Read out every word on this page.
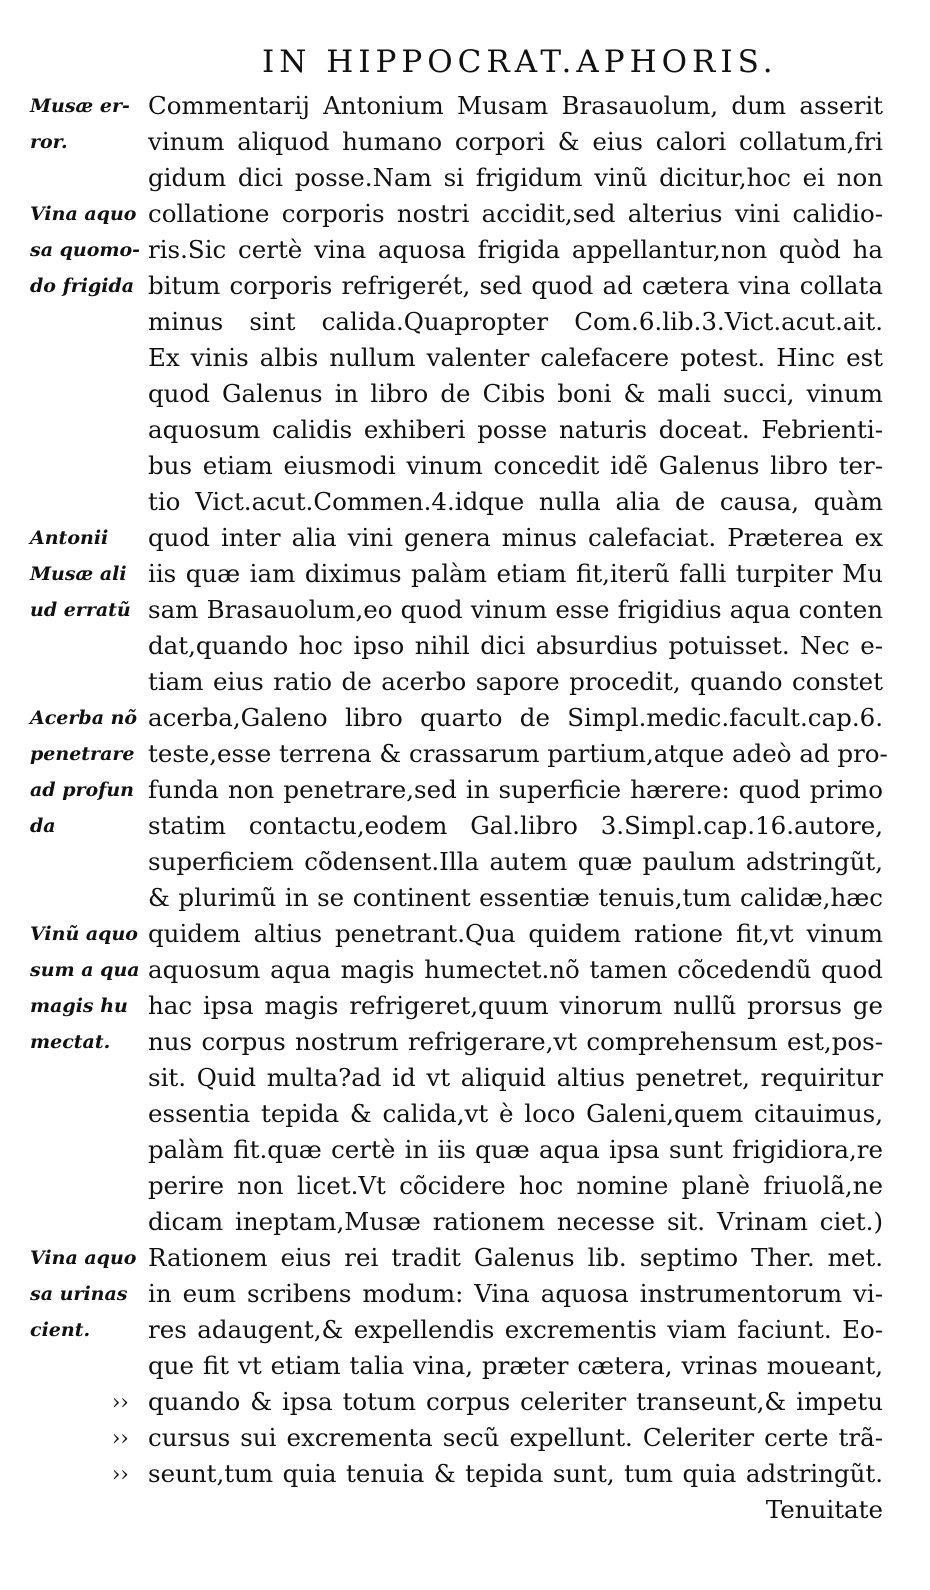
IN HIPPOCRAT.APHORIS.
Commentarij Antonium Musam Brasauolum, dum asserit
vinum aliquod humano corpori & eius calori collatum,fri
gidum dici posse.Nam si frigidum vinũ dicitur,hoc ei non
collatione corporis nostri accidit,sed alterius vini calidio-
ris.Sic certè vina aquosa frigida appellantur,non quòd ha
bitum corporis refrigerét, sed quod ad cætera vina collata
minus sint calida.Quapropter Com.6.lib.3.Vict.acut.ait.
Ex vinis albis nullum valenter calefacere potest. Hinc est
quod Galenus in libro de Cibis boni & mali succi, vinum
aquosum calidis exhiberi posse naturis doceat. Febrienti-
bus etiam eiusmodi vinum concedit idẽ Galenus libro ter-
tio Vict.acut.Commen.4.idque nulla alia de causa, quàm
quod inter alia vini genera minus calefaciat. Præterea ex
iis quæ iam diximus palàm etiam fit,iterũ falli turpiter Mu
sam Brasauolum,eo quod vinum esse frigidius aqua conten
dat,quando hoc ipso nihil dici absurdius potuisset. Nec e-
tiam eius ratio de acerbo sapore procedit, quando constet
acerba,Galeno libro quarto de Simpl.medic.facult.cap.6.
teste,esse terrena & crassarum partium,atque adeò ad pro-
funda non penetrare,sed in superficie hærere: quod primo
statim contactu,eodem Gal.libro 3.Simpl.cap.16.autore,
superficiem cõdensent.Illa autem quæ paulum adstringũt,
& plurimũ in se continent essentiæ tenuis,tum calidæ,hæc
quidem altius penetrant.Qua quidem ratione fit,vt vinum
aquosum aqua magis humectet.nõ tamen cõcedendũ quod
hac ipsa magis refrigeret,quum vinorum nullũ prorsus ge
nus corpus nostrum refrigerare,vt comprehensum est,pos-
sit. Quid multa?ad id vt aliquid altius penetret, requiritur
essentia tepida & calida,vt è loco Galeni,quem citauimus,
palàm fit.quæ certè in iis quæ aqua ipsa sunt frigidiora,re
perire non licet.Vt cõcidere hoc nomine planè friuolã,ne
dicam ineptam,Musæ rationem necesse sit. Vrinam ciet.)
Rationem eius rei tradit Galenus lib. septimo Ther. met.
in eum scribens modum: Vina aquosa instrumentorum vi-
res adaugent,& expellendis excrementis viam faciunt. Eo-
que fit vt etiam talia vina, præter cætera, vrinas moueant,
quando & ipsa totum corpus celeriter transeunt,& impetu
cursus sui excrementa secũ expellunt. Celeriter certe trã-
seunt,tum quia tenuia & tepida sunt, tum quia adstringũt.
Tenuitate
Musæ er-
ror.
Vina aquo
sa quomo-
do frigida
Antonii
Musæ ali
ud erratũ
Acerba nõ
penetrare
ad profun
da
Vinũ aquo
sum a qua
magis hu
mectat.
Vina aquo
sa urinas
cient.
››
››
››
